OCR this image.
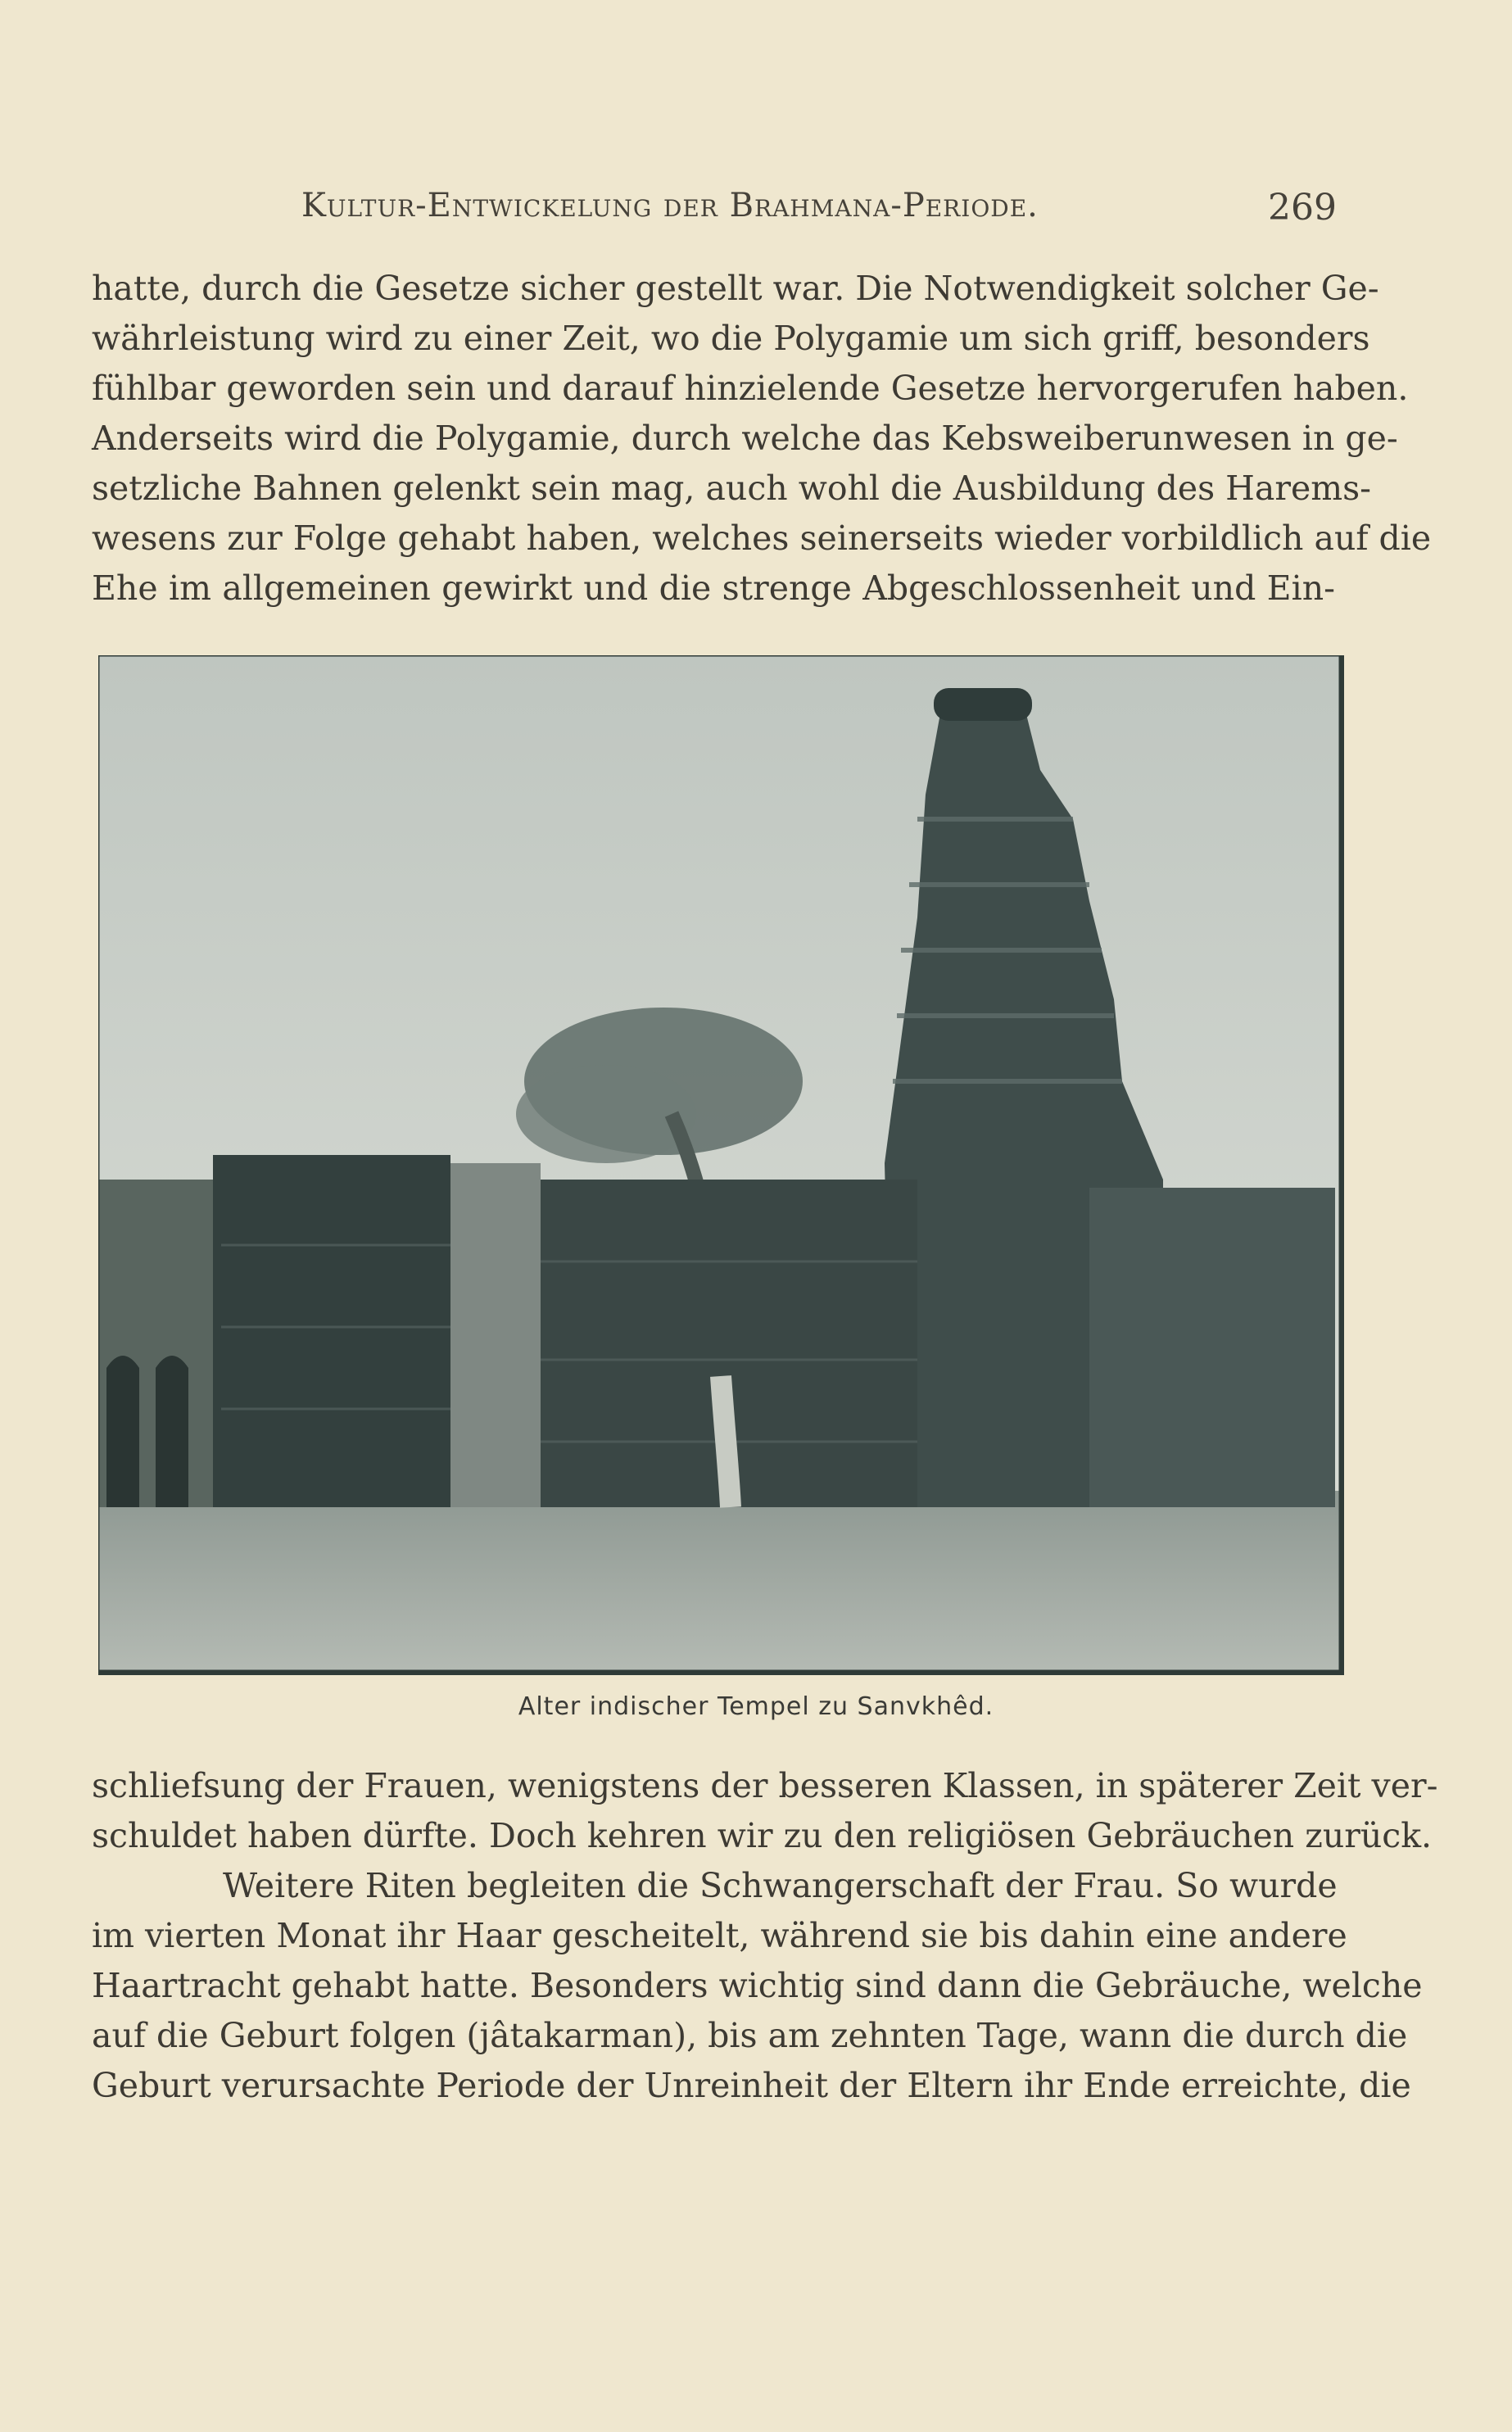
Kultur-Entwickelung der Brahmana-Periode.	269
hatte, durch die Gesetze sicher gestellt war. Die Notwendigkeit solcher Ge-
währleistung wird zu einer Zeit, wo die Polygamie um sich griff, besonders
fühlbar geworden sein und darauf hinzielende Gesetze hervorgerufen haben.
Anderseits wird die Polygamie, durch welche das Kebsweiberunwesen in ge-
setzliche Bahnen gelenkt sein mag, auch wohl die Ausbildung des Harems-
wesens zur Folge gehabt haben, welches seinerseits wieder vorbildlich auf die
Ehe im allgemeinen gewirkt und die strenge Abgeschlossenheit und Ein-
Alter indischer Tempel zu Sanvkhêd.
schliefsung der Frauen, wenigstens der besseren Klassen, in späterer Zeit ver-
schuldet haben dürfte. Doch kehren wir zu den religiösen Gebräuchen zurück.
Weitere Riten begleiten die Schwangerschaft der Frau. So wurde
im vierten Monat ihr Haar gescheitelt, während sie bis dahin eine andere
Haartracht gehabt hatte. Besonders wichtig sind dann die Gebräuche, welche
auf die Geburt folgen (jâtakarman), bis am zehnten Tage, wann die durch die
Geburt verursachte Periode der Unreinheit der Eltern ihr Ende erreichte, die
